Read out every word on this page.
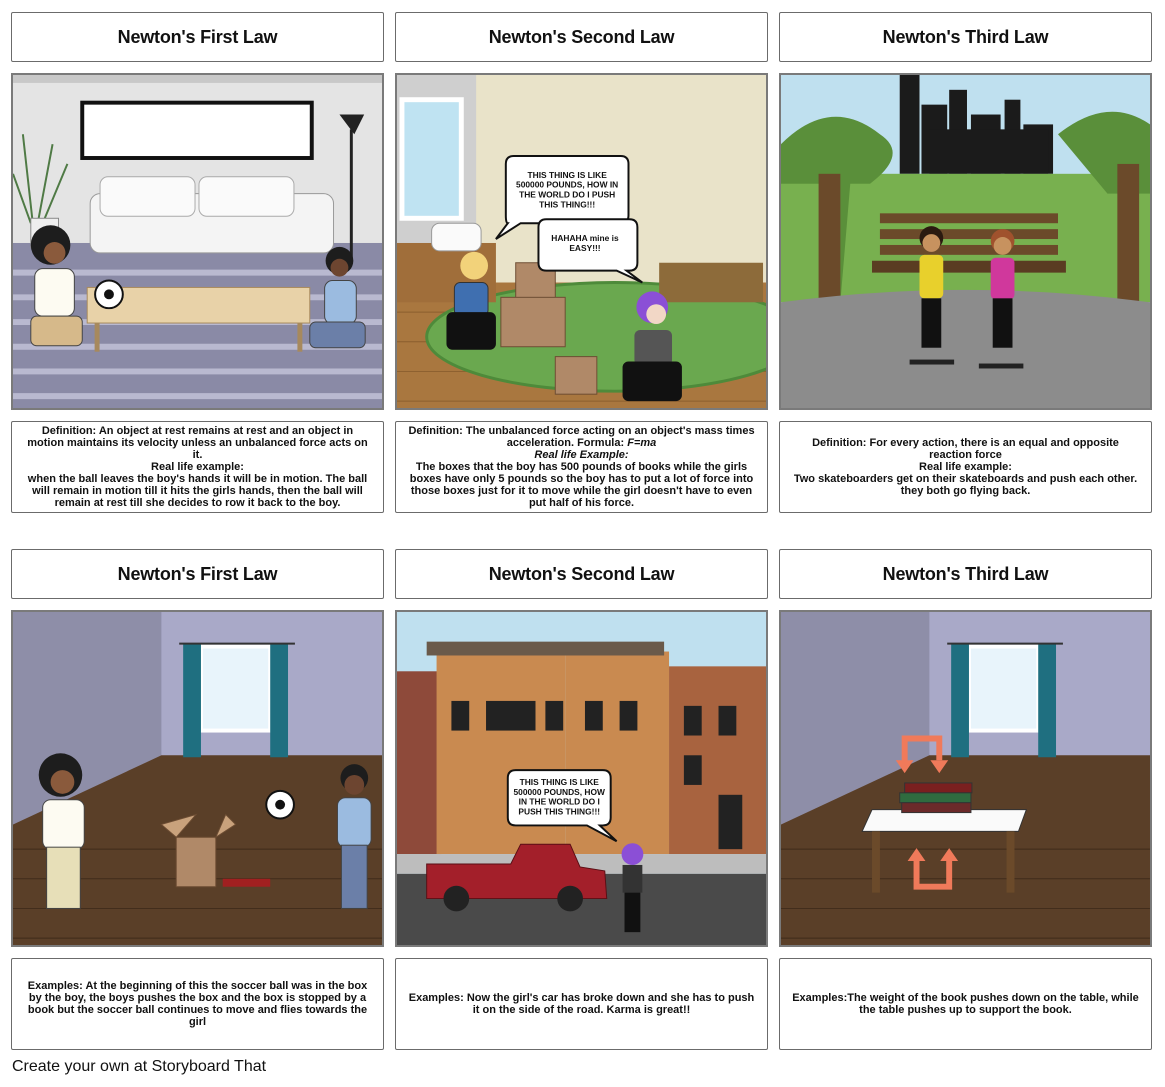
Newton's First Law	Newton's Second Law	Newton's Third Law
THIS THING IS LIKE
500000 POUNDS, HOW IN
THE WORLD DO I PUSH
THIS THING!!!
HAHAHA mine is
EASY!!!
Definition: An object at rest remains at rest and an object in motion maintains its velocity unless an unbalanced force acts on it.
Real life example:
when the ball leaves the boy's hands it will be in motion. The ball will remain in motion till it hits the girls hands, then the ball will remain at rest till she decides to row it back to the boy.
Definition: The unbalanced force acting on an object's mass times acceleration. Formula: F=ma
Real life Example:
The boxes that the boy has 500 pounds of books while the girls boxes have only 5 pounds so the boy has to put a lot of force into those boxes just for it to move while the girl doesn't have to even put half of his force.
Definition: For every action, there is an equal and opposite reaction force
Real life example:
Two skateboarders get on their skateboards and push each other. they both go flying back.
Newton's First Law	Newton's Second Law	Newton's Third Law
THIS THING IS LIKE
500000 POUNDS, HOW
IN THE WORLD DO I
PUSH THIS THING!!!
Examples: At the beginning of this the soccer ball was in the box by the boy, the boys pushes the box and the box is stopped by a book but the soccer ball continues to move and flies towards the girl
Examples: Now the girl's car has broke down and she has to push it on the side of the road. Karma is great!!
Examples:The weight of the book pushes down on the table, while the table pushes up to support the book.
Create your own at Storyboard That
